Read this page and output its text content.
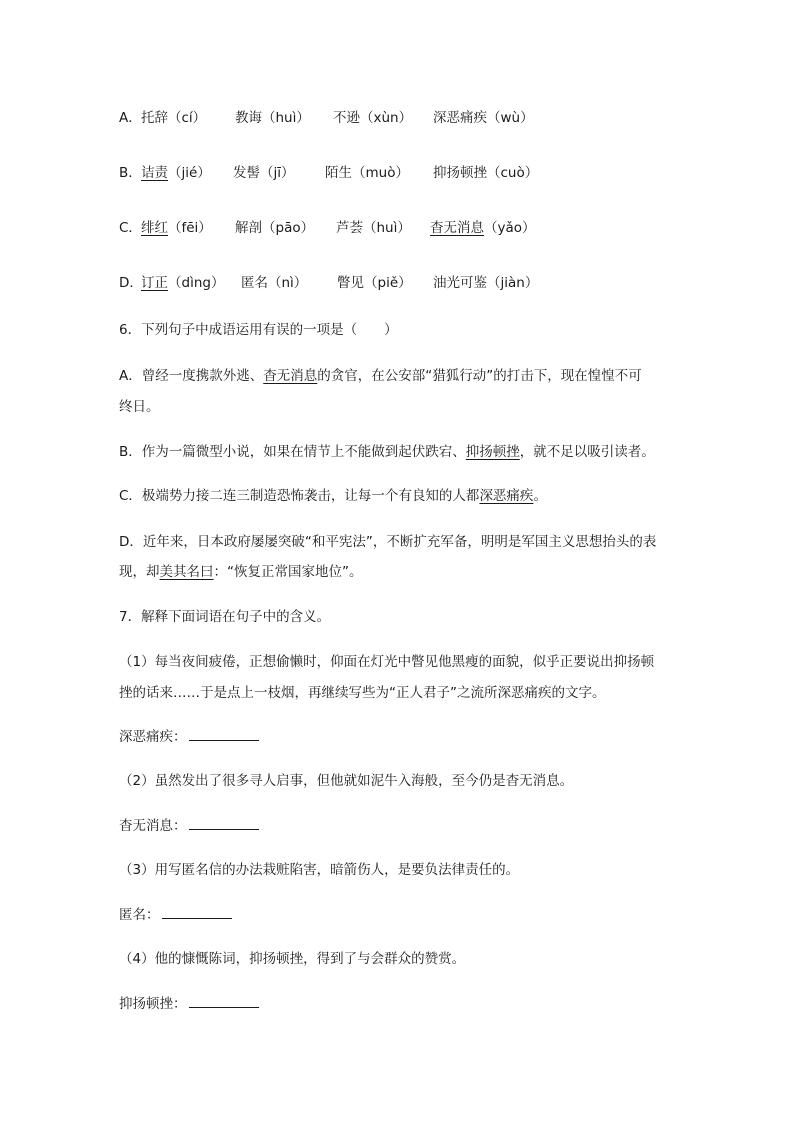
A． 托辞（cí） 教诲（huì） 不逊（xùn） 深恶痛疾（wù）
B． 诘责（jié） 发髻（jī） 陌生（muò） 抑扬顿挫（cuò）
C． 绯红（fēi） 解剖（pāo） 芦荟（huì） 杳无消息（yǎo）
D．
订正（dìng） 匿名（nì） 瞥见（piě） 油光可鉴（jiàn）
6．下列句子中成语运用有误的一项是（　　）
A．曾经一度携款外逃、杳无消息的贪官，在公安部“猎狐行动”的打击下，现在惶惶不可
终日。
B．作为一篇微型小说，如果在情节上不能做到起伏跌宕、抑扬顿挫，就不足以吸引读者。
C．极端势力接二连三制造恐怖袭击，让每一个有良知的人都深恶痛疾。
D．近年来，日本政府屡屡突破“和平宪法”，不断扩充军备，明明是军国主义思想抬头的表
现，却美其名曰：“恢复正常国家地位”。
7．解释下面词语在句子中的含义。
（1）每当夜间疲倦，正想偷懒时，仰面在灯光中瞥见他黑瘦的面貌，似乎正要说出抑扬顿
挫的话来……于是点上一枝烟，再继续写些为“正人君子”之流所深恶痛疾的文字。
深恶痛疾：
（2）虽然发出了很多寻人启事，但他就如泥牛入海般，至今仍是杳无消息。
杳无消息：
（3）用写匿名信的办法栽赃陷害，暗箭伤人，是要负法律责任的。
匿名：
（4）他的慷慨陈词，抑扬顿挫，得到了与会群众的赞赏。
抑扬顿挫：
